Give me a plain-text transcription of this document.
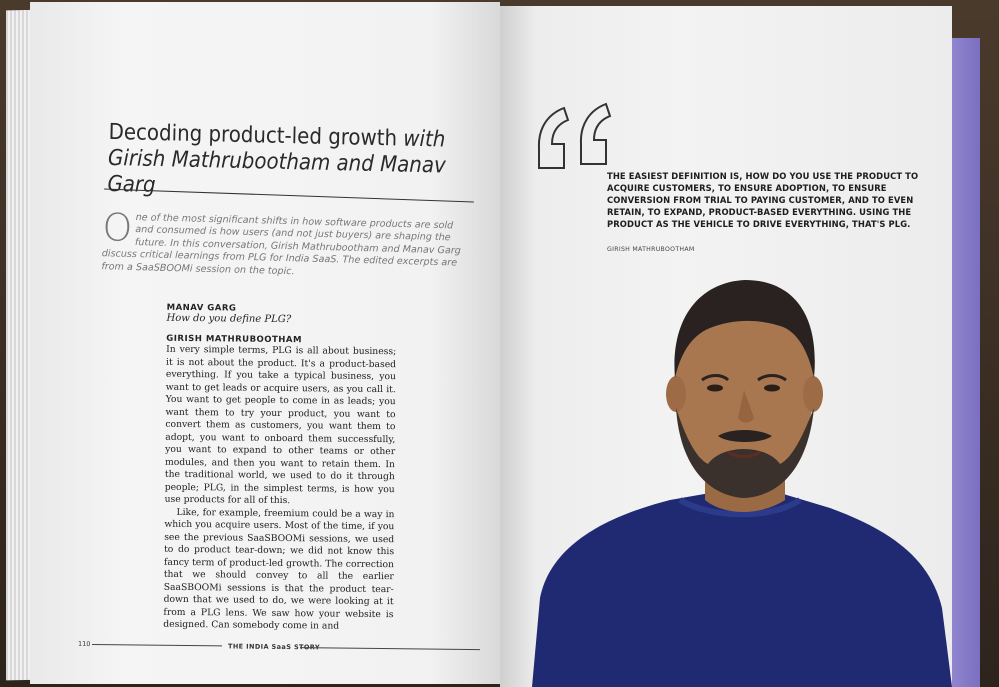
Decoding product-led growth with Girish Mathrubootham and Manav Garg
One of the most significant shifts in how software products are sold and consumed is how users (and not just buyers) are shaping the future. In this conversation, Girish Mathrubootham and Manav Garg discuss critical learnings from PLG for India SaaS. The edited excerpts are from a SaaSBOOMi session on the topic.
MANAV GARG
How do you define PLG?
GIRISH MATHRUBOOTHAM

In very simple terms, PLG is all about business; it is not about the product. It's a product-based everything. If you take a typical business, you want to get leads or acquire users, as you call it. You want to get people to come in as leads; you want them to try your product, you want to convert them as customers, you want them to adopt, you want to onboard them successfully, you want to expand to other teams or other modules, and then you want to retain them. In the traditional world, we used to do it through people; PLG, in the simplest terms, is how you use products for all of this.

Like, for example, freemium could be a way in which you acquire users. Most of the time, if you see the previous SaaSBOOMi sessions, we used to do product tear-down; we did not know this fancy term of product-led growth. The correction that we should convey to all the earlier SaaSBOOMi sessions is that the product tear-down that we used to do, we were looking at it from a PLG lens. We saw how your website is designed. Can somebody come in and

110	THE INDIA SaaS STORY
THE EASIEST DEFINITION IS, HOW DO YOU USE THE PRODUCT TO ACQUIRE CUSTOMERS, TO ENSURE ADOPTION, TO ENSURE CONVERSION FROM TRIAL TO PAYING CUSTOMER, AND TO EVEN RETAIN, TO EXPAND, PRODUCT-BASED EVERYTHING. USING THE PRODUCT AS THE VEHICLE TO DRIVE EVERYTHING, THAT'S PLG.
GIRISH MATHRUBOOTHAM
